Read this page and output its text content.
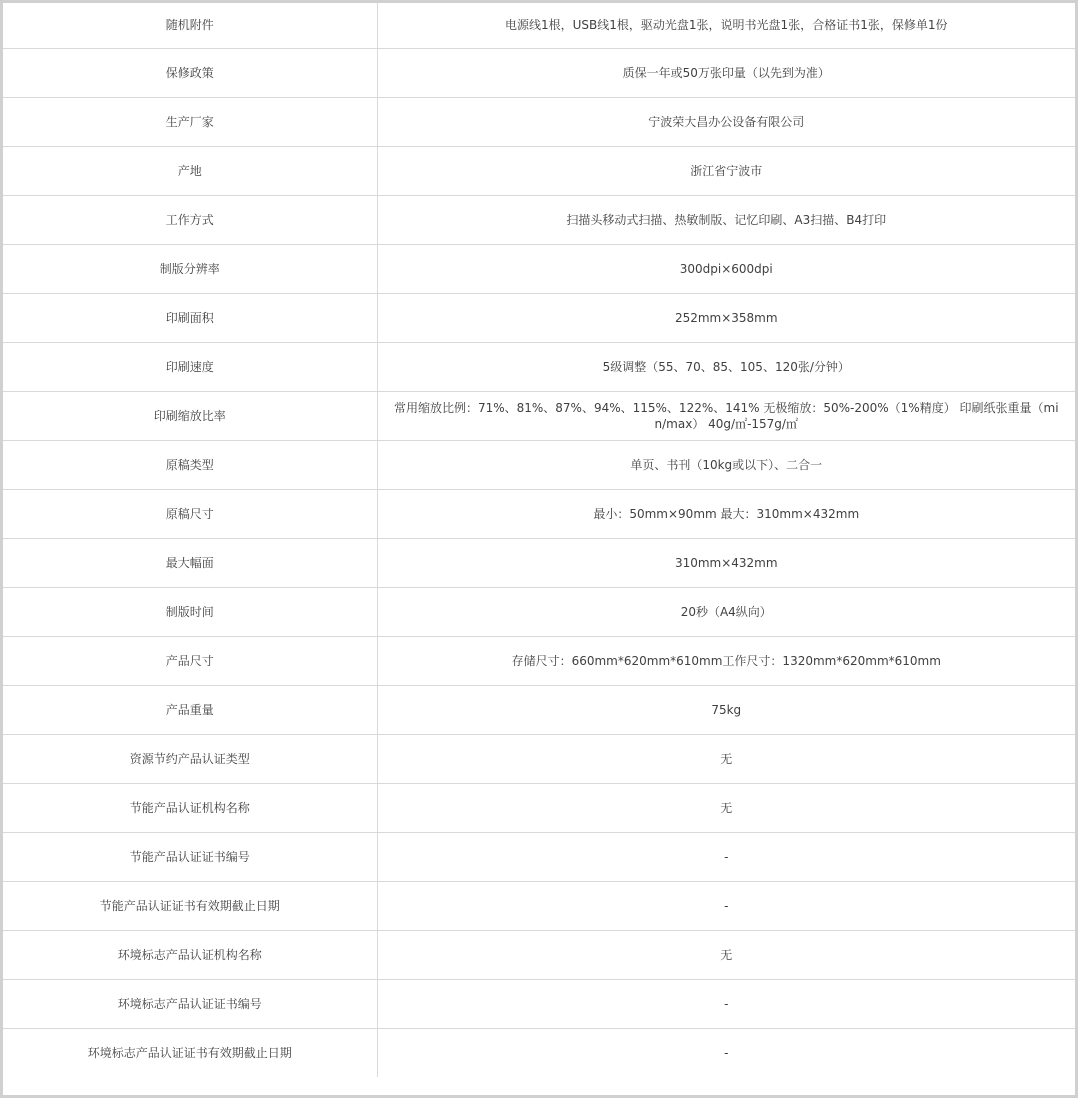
随机附件	电源线1根，USB线1根，驱动光盘1张，说明书光盘1张，合格证书1张，保修单1份
保修政策	质保一年或50万张印量（以先到为准）
生产厂家	宁波荣大昌办公设备有限公司
产地	浙江省宁波市
工作方式	扫描头移动式扫描、热敏制版、记忆印刷、A3扫描、B4打印
制版分辨率	300dpi×600dpi
印刷面积	252mm×358mm
印刷速度	5级调整（55、70、85、105、120张/分钟）
印刷缩放比率	常用缩放比例：71%、81%、87%、94%、115%、122%、141% 无极缩放：50%-200%（1%精度） 印刷纸张重量（min/max） 40g/㎡-157g/㎡
原稿类型	单页、书刊（10kg或以下）、二合一
原稿尺寸	最小：50mm×90mm 最大：310mm×432mm
最大幅面	310mm×432mm
制版时间	20秒（A4纵向）
产品尺寸	存储尺寸：660mm*620mm*610mm工作尺寸：1320mm*620mm*610mm
产品重量	75kg
资源节约产品认证类型	无
节能产品认证机构名称	无
节能产品认证证书编号	-
节能产品认证证书有效期截止日期	-
环境标志产品认证机构名称	无
环境标志产品认证证书编号	-
环境标志产品认证证书有效期截止日期	-
